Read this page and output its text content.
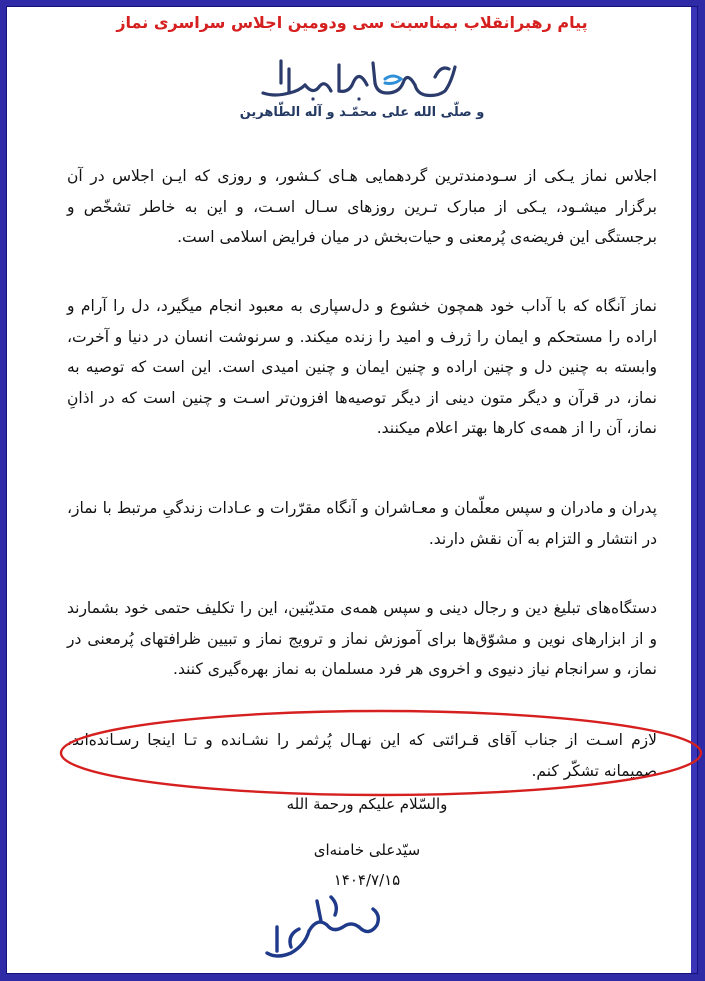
پیام رهبرانقلاب بمناسبت سی ودومین اجلاس سراسری نماز
و صلّی الله علی محمّـد و آله الطّاهرین
اجلاس نماز یـکی از سـودمندترین گردهمایی هـای کـشور، و روزی که ایـن اجلاس در آن برگزار میشـود، یـکی از مبارک تـرین روزهای سـال اسـت، و این به خاطر تشخّص و برجستگی این فریضه‌ی پُرمعنی و حیات‌بخش در میان فرایض اسلامی است.
نماز آنگاه که با آداب خود همچون خشوع و دل‌سپاری به معبود انجام میگیرد، دل را آرام و اراده را مستحکم و ایمان را ژرف و امید را زنده میکند. و سرنوشت انسان در دنیا و آخرت، وابسته به چنین دل و چنین اراده و چنین ایمان و چنین امیدی است. این است که توصیه به نماز، در قرآن و دیگر متون دینی از دیگر توصیه‌ها افزون‌تر اسـت و چنین است که در اذانِ نماز، آن را از همه‌ی کارها بهتر اعلام میکنند.
پدران و مادران و سپس معلّمان و معـاشران و آنگاه مقرّرات و عـادات زندگیِ مرتبط با نماز، در انتشار و التزام به آن نقش دارند.
دستگاه‌های تبلیغ دین و رجال دینی و سپس همه‌ی متدیّنین، این را تکلیف حتمی خود بشمارند و از ابزارهای نوین و مشوّق‌ها برای آموزش نماز و ترویج نماز و تبیین ظرافتهای پُرمعنی در نماز، و سرانجام نیاز دنیوی و اخروی هر فرد مسلمان به نماز بهره‌گیری کنند.
لازم اسـت از جناب آقای قـرائتی که این نهـال پُرثمر را نشـانده و تـا اینجا رسـانده‌اند، صمیمانه تشکّر کنم.
والسّلام علیکم ورحمة الله
سیّدعلی خامنه‌ای
۱۴۰۴/۷/۱۵
